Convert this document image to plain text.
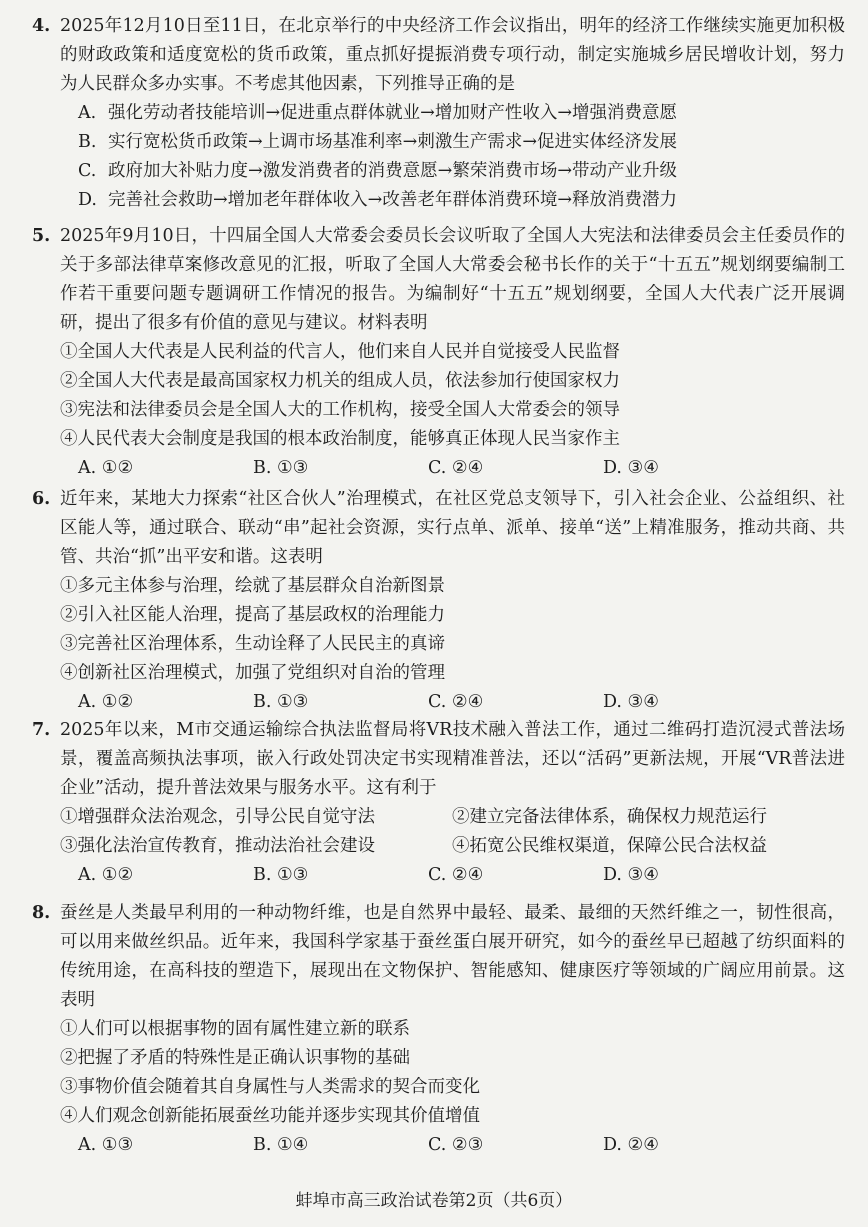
4. 2025年12月10日至11日，在北京举行的中央经济工作会议指出，明年的经济工作继续实施更加积极的财政政策和适度宽松的货币政策，重点抓好提振消费专项行动，制定实施城乡居民增收计划，努力为人民群众多办实事。不考虑其他因素，下列推导正确的是
A. 强化劳动者技能培训→促进重点群体就业→增加财产性收入→增强消费意愿
B. 实行宽松货币政策→上调市场基准利率→刺激生产需求→促进实体经济发展
C. 政府加大补贴力度→激发消费者的消费意愿→繁荣消费市场→带动产业升级
D. 完善社会救助→增加老年群体收入→改善老年群体消费环境→释放消费潜力
5. 2025年9月10日，十四届全国人大常委会委员长会议听取了全国人大宪法和法律委员会主任委员作的关于多部法律草案修改意见的汇报，听取了全国人大常委会秘书长作的关于“十五五”规划纲要编制工作若干重要问题专题调研工作情况的报告。为编制好“十五五”规划纲要，全国人大代表广泛开展调研，提出了很多有价值的意见与建议。材料表明
①全国人大代表是人民利益的代言人，他们来自人民并自觉接受人民监督
②全国人大代表是最高国家权力机关的组成人员，依法参加行使国家权力
③宪法和法律委员会是全国人大的工作机构，接受全国人大常委会的领导
④人民代表大会制度是我国的根本政治制度，能够真正体现人民当家作主
A. ①②	B. ①③	C. ②④	D. ③④
6. 近年来，某地大力探索“社区合伙人”治理模式，在社区党总支领导下，引入社会企业、公益组织、社区能人等，通过联合、联动“串”起社会资源，实行点单、派单、接单“送”上精准服务，推动共商、共管、共治“抓”出平安和谐。这表明
①多元主体参与治理，绘就了基层群众自治新图景
②引入社区能人治理，提高了基层政权的治理能力
③完善社区治理体系，生动诠释了人民民主的真谛
④创新社区治理模式，加强了党组织对自治的管理
A. ①②	B. ①③	C. ②④	D. ③④
7. 2025年以来，M市交通运输综合执法监督局将VR技术融入普法工作，通过二维码打造沉浸式普法场景，覆盖高频执法事项，嵌入行政处罚决定书实现精准普法，还以“活码”更新法规，开展“VR普法进企业”活动，提升普法效果与服务水平。这有利于
①增强群众法治观念，引导公民自觉守法	②建立完备法律体系，确保权力规范运行
③强化法治宣传教育，推动法治社会建设	④拓宽公民维权渠道，保障公民合法权益
A. ①②	B. ①③	C. ②④	D. ③④
8. 蚕丝是人类最早利用的一种动物纤维，也是自然界中最轻、最柔、最细的天然纤维之一，韧性很高，可以用来做丝织品。近年来，我国科学家基于蚕丝蛋白展开研究，如今的蚕丝早已超越了纺织面料的传统用途，在高科技的塑造下，展现出在文物保护、智能感知、健康医疗等领域的广阔应用前景。这表明
①人们可以根据事物的固有属性建立新的联系
②把握了矛盾的特殊性是正确认识事物的基础
③事物价值会随着其自身属性与人类需求的契合而变化
④人们观念创新能拓展蚕丝功能并逐步实现其价值增值
A. ①③	B. ①④	C. ②③	D. ②④
蚌埠市高三政治试卷第2页（共6页）
